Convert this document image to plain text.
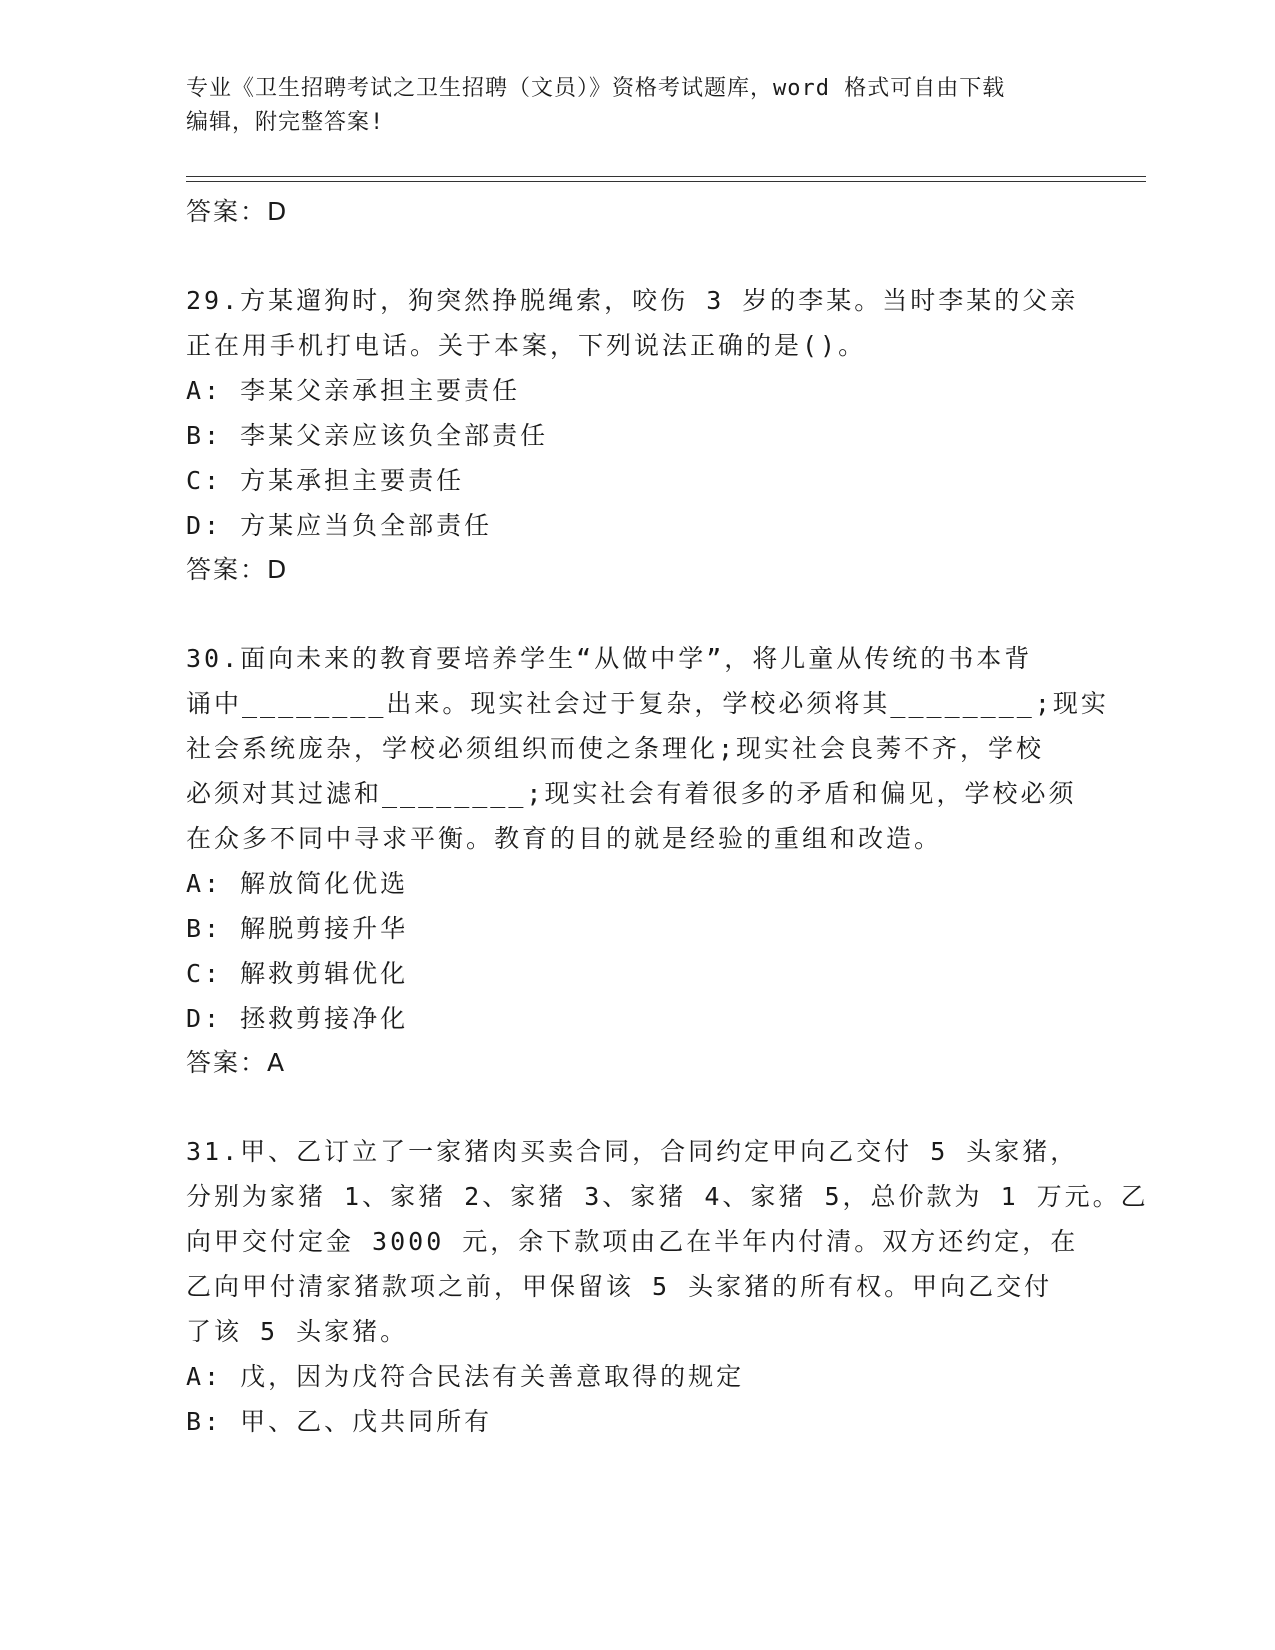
专业《卫生招聘考试之卫生招聘（文员）》资格考试题库，word 格式可自由下载
编辑，附完整答案!
答案：D
29.方某遛狗时，狗突然挣脱绳索，咬伤 3 岁的李某。当时李某的父亲
正在用手机打电话。关于本案，下列说法正确的是()。
A: 李某父亲承担主要责任
B: 李某父亲应该负全部责任
C: 方某承担主要责任
D: 方某应当负全部责任
答案：D
30.面向未来的教育要培养学生“从做中学”，将儿童从传统的书本背
诵中________出来。现实社会过于复杂，学校必须将其________;现实
社会系统庞杂，学校必须组织而使之条理化;现实社会良莠不齐，学校
必须对其过滤和________;现实社会有着很多的矛盾和偏见，学校必须
在众多不同中寻求平衡。教育的目的就是经验的重组和改造。
A: 解放简化优选
B: 解脱剪接升华
C: 解救剪辑优化
D: 拯救剪接净化
答案：A
31.甲、乙订立了一家猪肉买卖合同，合同约定甲向乙交付 5 头家猪，
分别为家猪 1、家猪 2、家猪 3、家猪 4、家猪 5，总价款为 1 万元。乙
向甲交付定金 3000 元，余下款项由乙在半年内付清。双方还约定，在
乙向甲付清家猪款项之前，甲保留该 5 头家猪的所有权。甲向乙交付
了该 5 头家猪。
A: 戊，因为戊符合民法有关善意取得的规定
B: 甲、乙、戊共同所有
